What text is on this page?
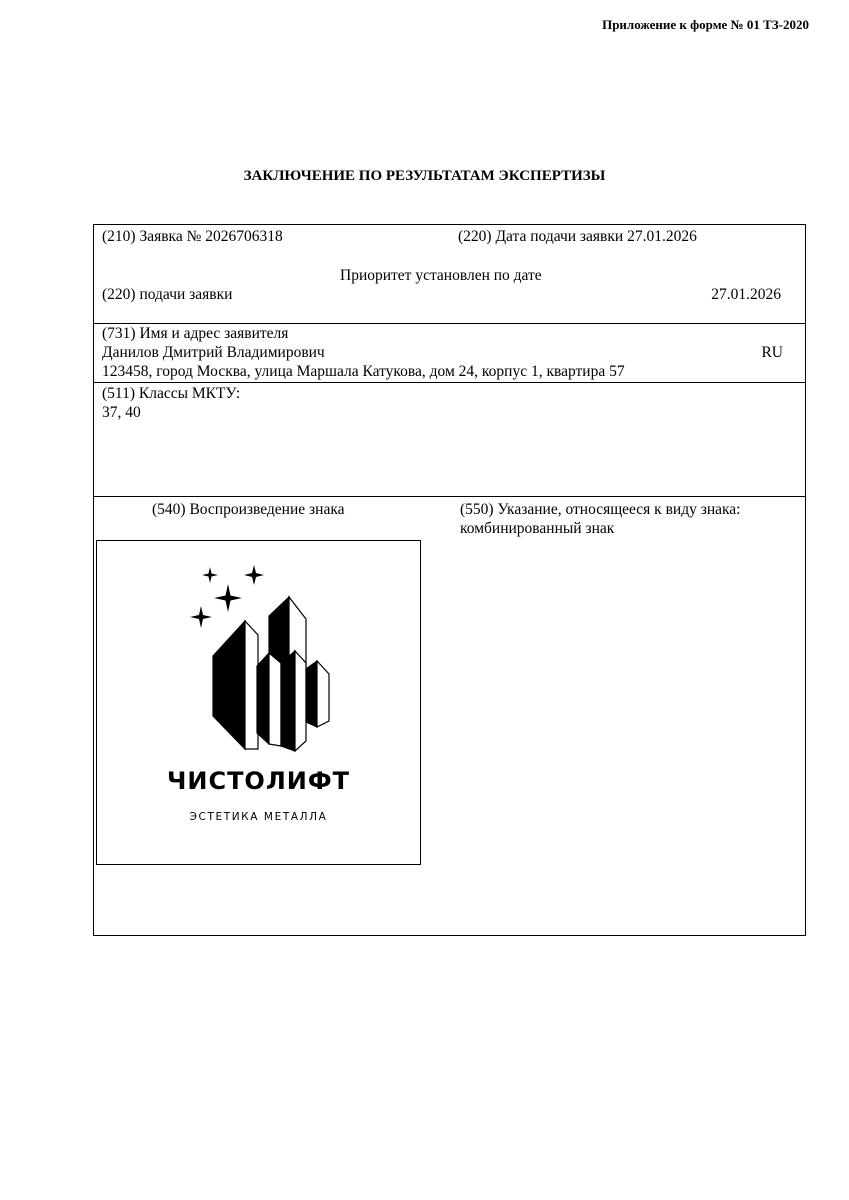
Приложение к форме № 01 ТЗ-2020
ЗАКЛЮЧЕНИЕ ПО РЕЗУЛЬТАТАМ ЭКСПЕРТИЗЫ
(210) Заявка № 2026706318	(220) Дата подачи заявки 27.01.2026
Приоритет установлен по дате
(220) подачи заявки	27.01.2026
(731) Имя и адрес заявителя
Данилов Дмитрий Владимирович	RU
123458, город Москва, улица Маршала Катукова, дом 24, корпус 1, квартира 57
(511) Классы МКТУ:
37, 40
(540) Воспроизведение знака	(550) Указание, относящееся к виду знака:
комбинированный знак
ЧИСТОЛИФТ
ЭСТЕТИКА МЕТАЛЛА
